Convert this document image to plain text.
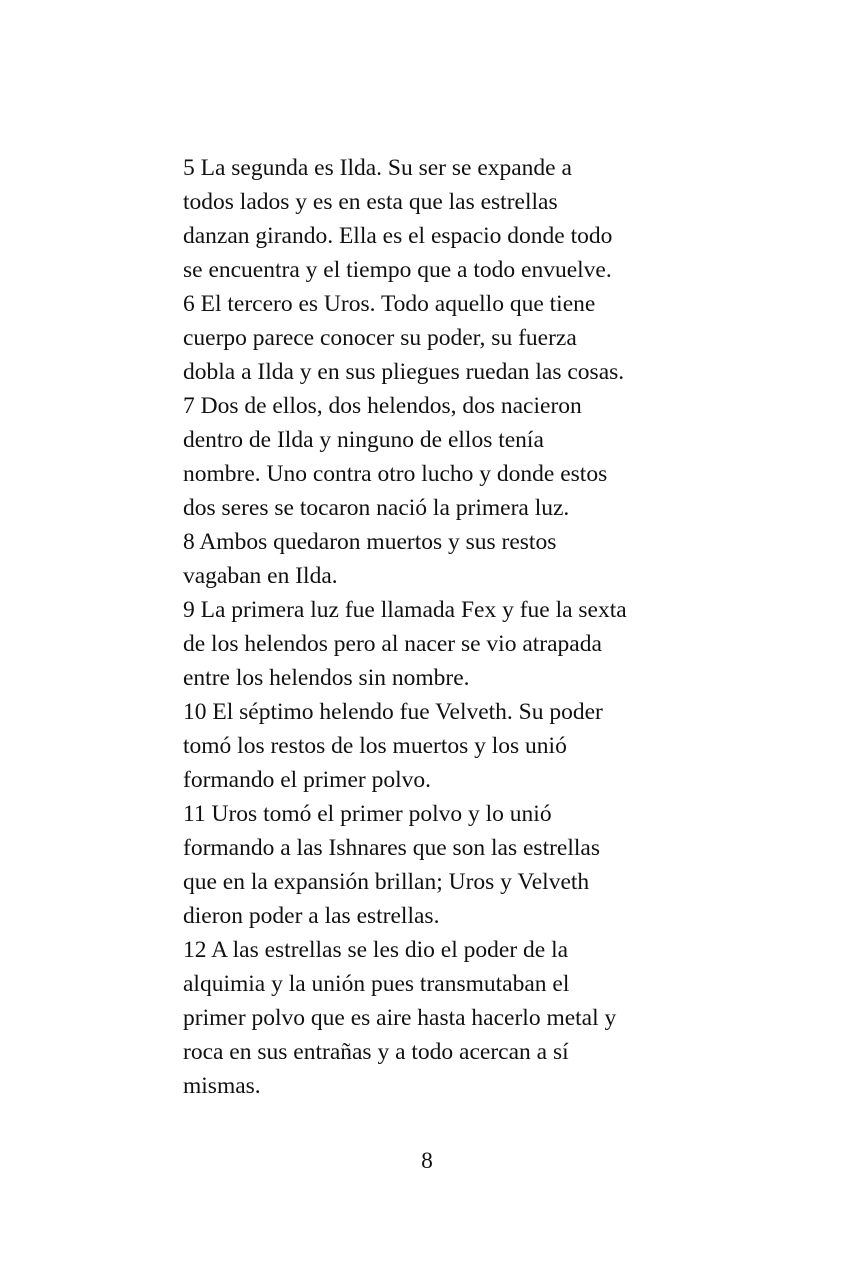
5 La segunda es Ilda. Su ser se expande a
todos lados y es en esta que las estrellas
danzan girando. Ella es el espacio donde todo
se encuentra y el tiempo que a todo envuelve.

6 El tercero es Uros. Todo aquello que tiene
cuerpo parece conocer su poder, su fuerza
dobla a Ilda y en sus pliegues ruedan las cosas.

7 Dos de ellos, dos helendos, dos nacieron
dentro de Ilda y ninguno de ellos tenía
nombre. Uno contra otro lucho y donde estos
dos seres se tocaron nació la primera luz.

8 Ambos quedaron muertos y sus restos
vagaban en Ilda.

9 La primera luz fue llamada Fex y fue la sexta
de los helendos pero al nacer se vio atrapada
entre los helendos sin nombre.

10 El séptimo helendo fue Velveth. Su poder
tomó los restos de los muertos y los unió
formando el primer polvo.

11 Uros tomó el primer polvo y lo unió
formando a las Ishnares que son las estrellas
que en la expansión brillan; Uros y Velveth
dieron poder a las estrellas.

12 A las estrellas se les dio el poder de la
alquimia y la unión pues transmutaban el
primer polvo que es aire hasta hacerlo metal y
roca en sus entrañas y a todo acercan a sí
mismas.

8
